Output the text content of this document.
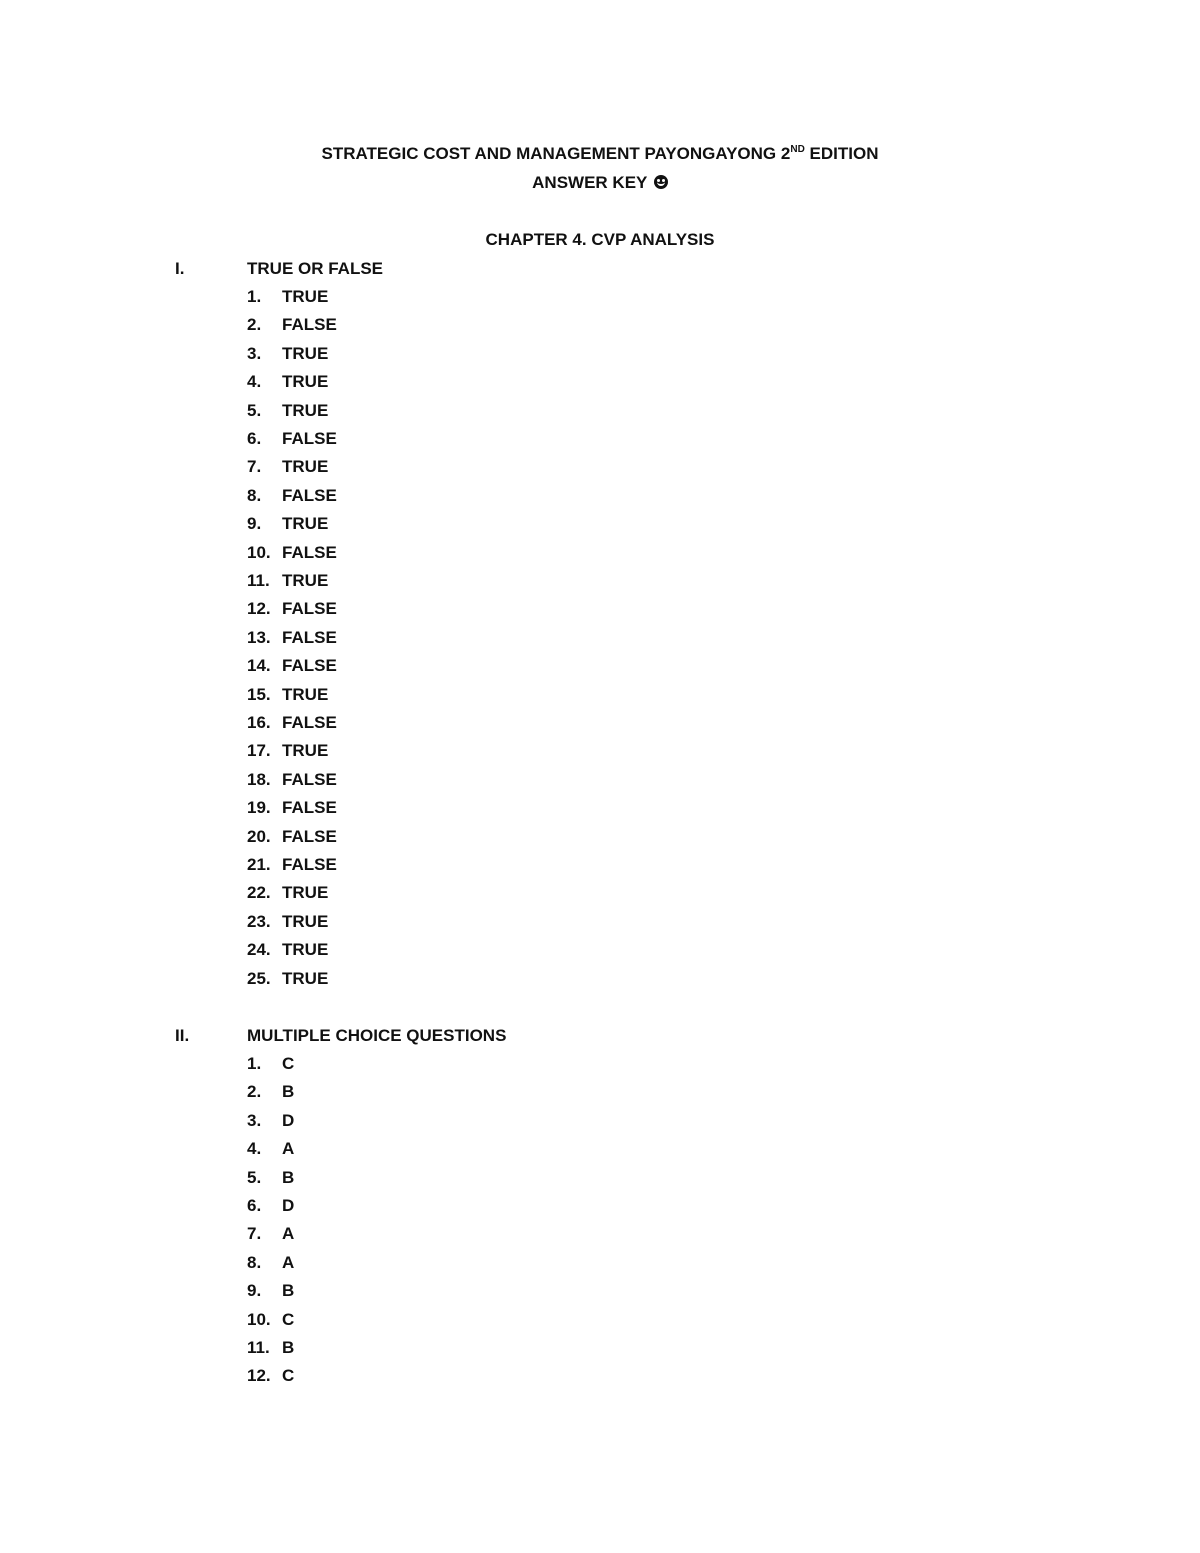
STRATEGIC COST AND MANAGEMENT PAYONGAYONG 2ND EDITION
ANSWER KEY
CHAPTER 4. CVP ANALYSIS
I.	TRUE OR FALSE
1. TRUE
2. FALSE
3. TRUE
4. TRUE
5. TRUE
6. FALSE
7. TRUE
8. FALSE
9. TRUE
10. FALSE
11. TRUE
12. FALSE
13. FALSE
14. FALSE
15. TRUE
16. FALSE
17. TRUE
18. FALSE
19. FALSE
20. FALSE
21. FALSE
22. TRUE
23. TRUE
24. TRUE
25. TRUE
II.	MULTIPLE CHOICE QUESTIONS
1. C
2. B
3. D
4. A
5. B
6. D
7. A
8. A
9. B
10. C
11. B
12. C
